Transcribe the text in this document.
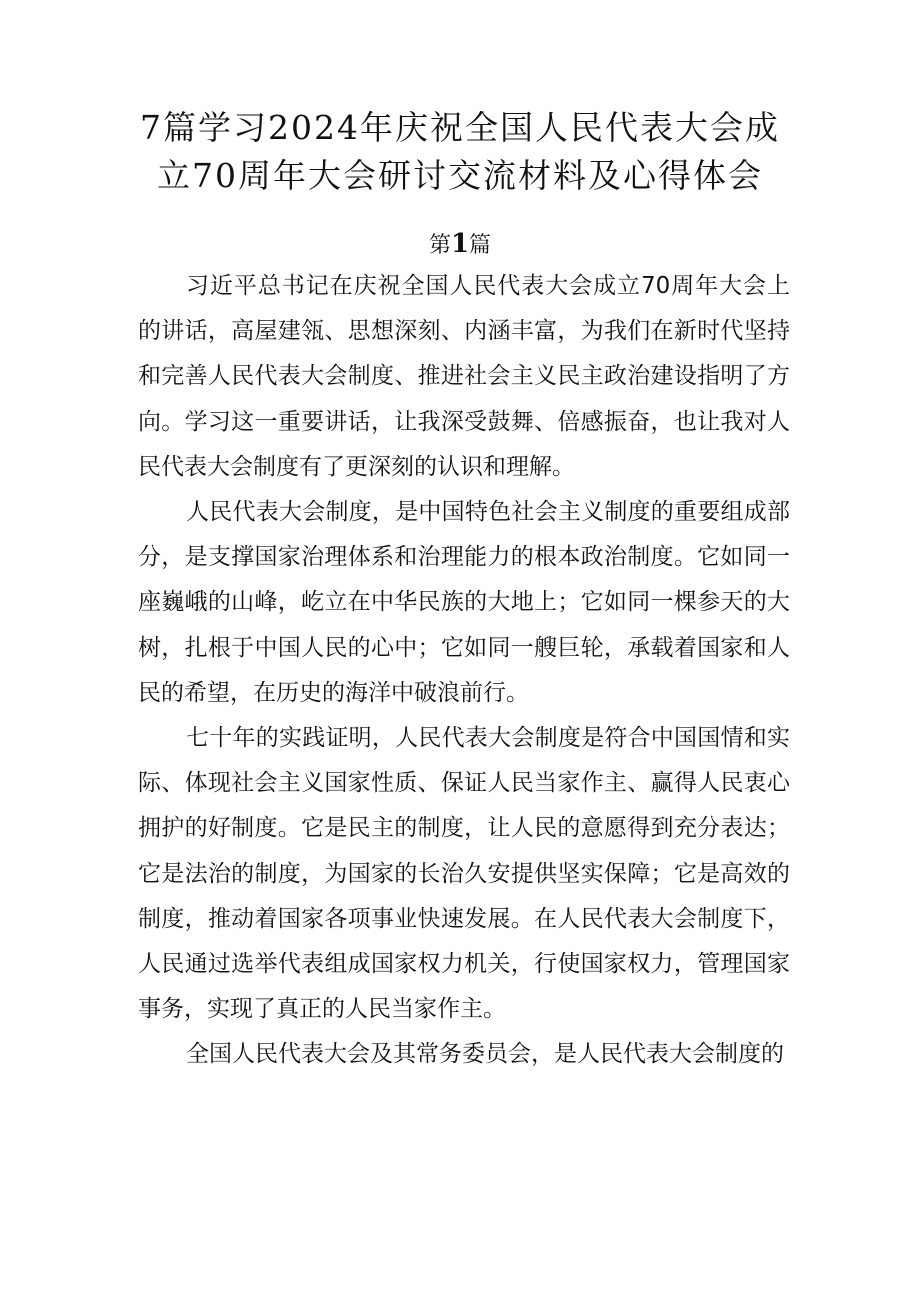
7篇学习2024年庆祝全国人民代表大会成
立70周年大会研讨交流材料及心得体会
第1篇

习近平总书记在庆祝全国人民代表大会成立70周年大会上的讲话，高屋建瓴、思想深刻、内涵丰富，为我们在新时代坚持和完善人民代表大会制度、推进社会主义民主政治建设指明了方向。学习这一重要讲话，让我深受鼓舞、倍感振奋，也让我对人民代表大会制度有了更深刻的认识和理解。

人民代表大会制度，是中国特色社会主义制度的重要组成部分，是支撑国家治理体系和治理能力的根本政治制度。它如同一座巍峨的山峰，屹立在中华民族的大地上；它如同一棵参天的大树，扎根于中国人民的心中；它如同一艘巨轮，承载着国家和人民的希望，在历史的海洋中破浪前行。

七十年的实践证明，人民代表大会制度是符合中国国情和实际、体现社会主义国家性质、保证人民当家作主、赢得人民衷心拥护的好制度。它是民主的制度，让人民的意愿得到充分表达；它是法治的制度，为国家的长治久安提供坚实保障；它是高效的制度，推动着国家各项事业快速发展。在人民代表大会制度下，人民通过选举代表组成国家权力机关，行使国家权力，管理国家事务，实现了真正的人民当家作主。

全国人民代表大会及其常务委员会，是人民代表大会制度的
